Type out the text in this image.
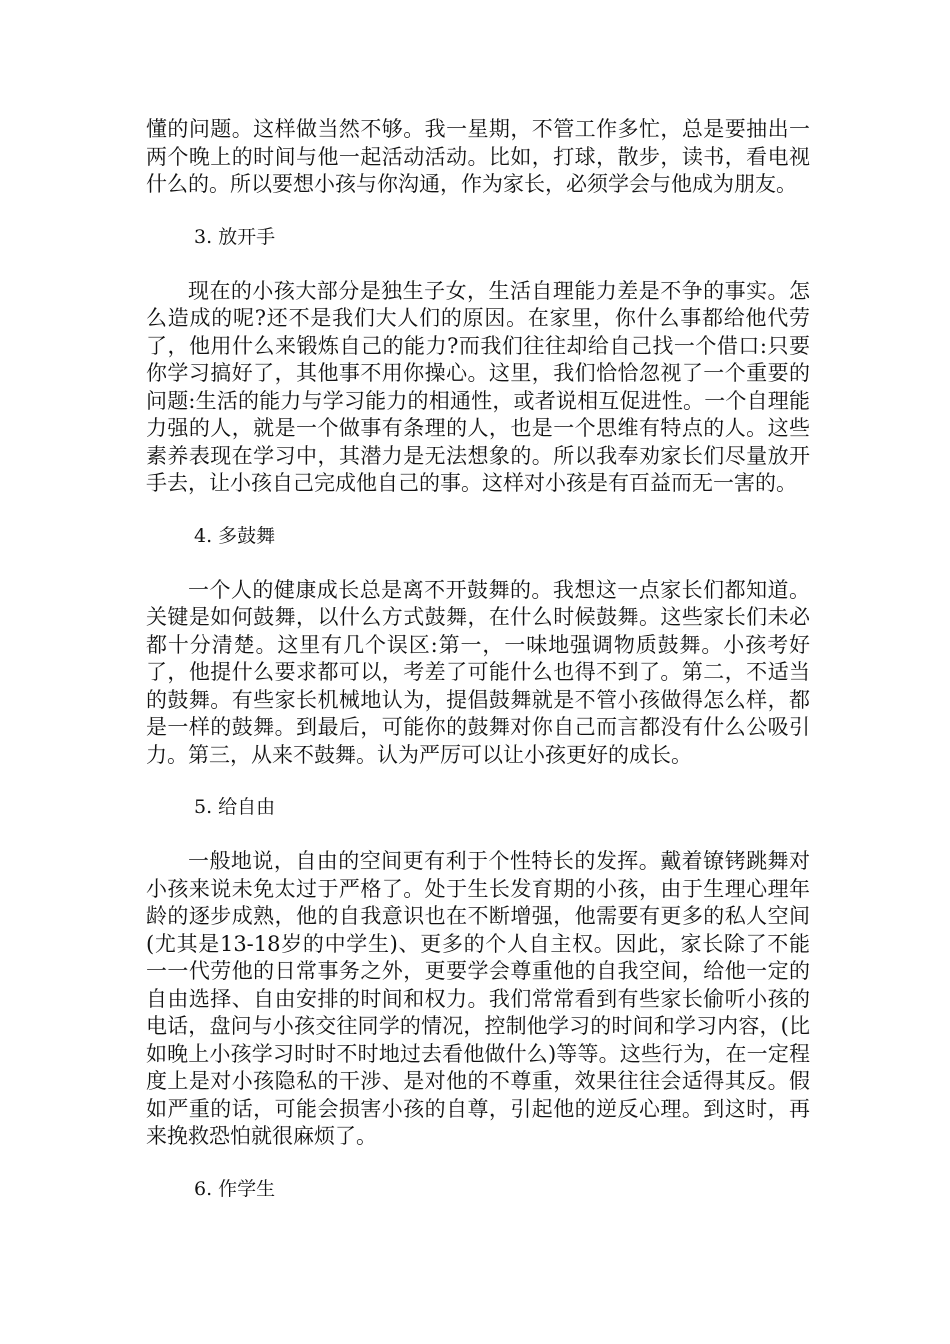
懂的问题。这样做当然不够。我一星期，不管工作多忙，总是要抽出一两个晚上的时间与他一起活动活动。比如，打球，散步，读书，看电视什么的。所以要想小孩与你沟通，作为家长，必须学会与他成为朋友。

3. 放开手

现在的小孩大部分是独生子女，生活自理能力差是不争的事实。怎么造成的呢?还不是我们大人们的原因。在家里，你什么事都给他代劳了，他用什么来锻炼自己的能力?而我们往往却给自己找一个借口:只要你学习搞好了，其他事不用你操心。这里，我们恰恰忽视了一个重要的问题:生活的能力与学习能力的相通性，或者说相互促进性。一个自理能力强的人，就是一个做事有条理的人，也是一个思维有特点的人。这些素养表现在学习中，其潜力是无法想象的。所以我奉劝家长们尽量放开手去，让小孩自己完成他自己的事。这样对小孩是有百益而无一害的。

4. 多鼓舞

一个人的健康成长总是离不开鼓舞的。我想这一点家长们都知道。关键是如何鼓舞，以什么方式鼓舞，在什么时候鼓舞。这些家长们未必都十分清楚。这里有几个误区:第一，一味地强调物质鼓舞。小孩考好了，他提什么要求都可以，考差了可能什么也得不到了。第二，不适当的鼓舞。有些家长机械地认为，提倡鼓舞就是不管小孩做得怎么样，都是一样的鼓舞。到最后，可能你的鼓舞对你自己而言都没有什么公吸引力。第三，从来不鼓舞。认为严厉可以让小孩更好的成长。

5. 给自由

一般地说，自由的空间更有利于个性特长的发挥。戴着镣铐跳舞对小孩来说未免太过于严格了。处于生长发育期的小孩，由于生理心理年龄的逐步成熟，他的自我意识也在不断增强，他需要有更多的私人空间(尤其是13-18岁的中学生)、更多的个人自主权。因此，家长除了不能一一代劳他的日常事务之外，更要学会尊重他的自我空间，给他一定的自由选择、自由安排的时间和权力。我们常常看到有些家长偷听小孩的电话，盘问与小孩交往同学的情况，控制他学习的时间和学习内容，(比如晚上小孩学习时时不时地过去看他做什么)等等。这些行为，在一定程度上是对小孩隐私的干涉、是对他的不尊重，效果往往会适得其反。假如严重的话，可能会损害小孩的自尊，引起他的逆反心理。到这时，再来挽救恐怕就很麻烦了。

6. 作学生
